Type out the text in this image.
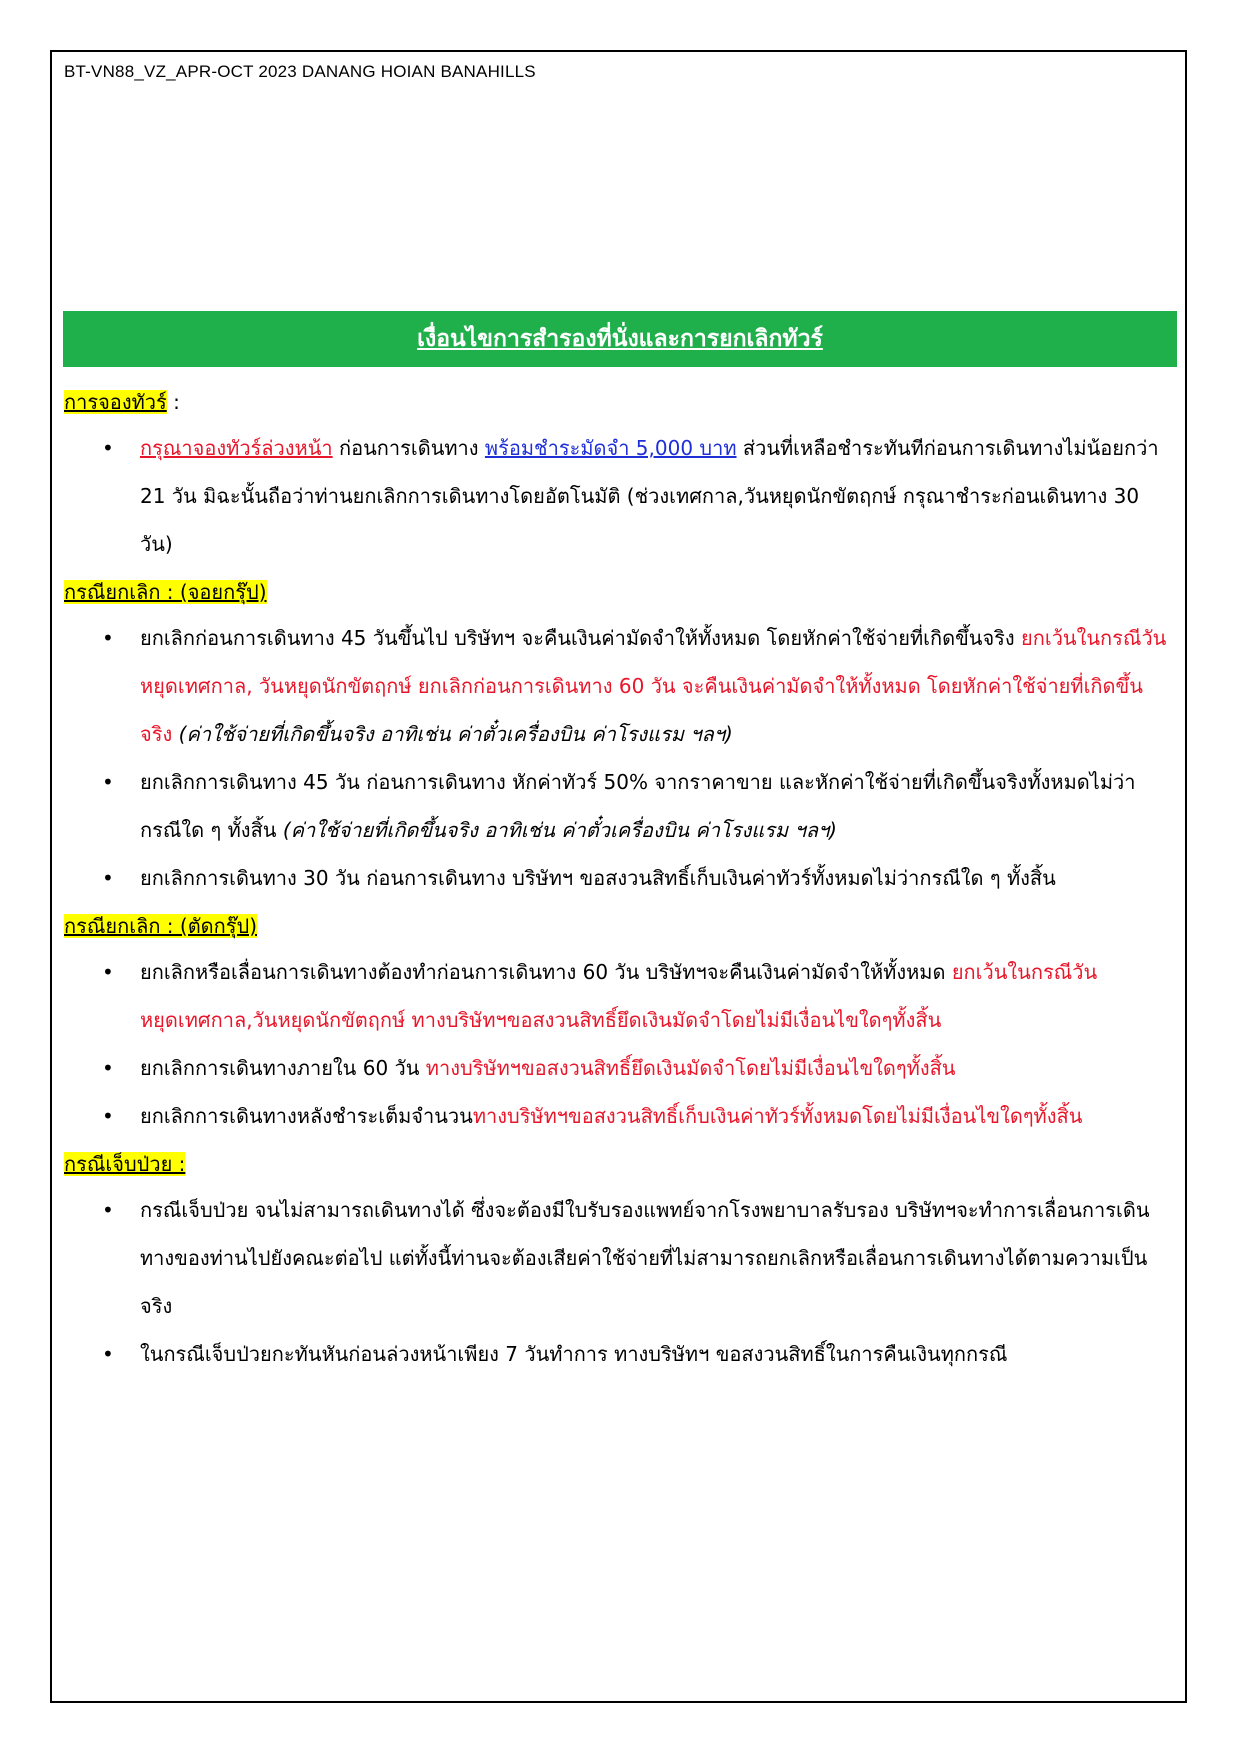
BT-VN88_VZ_APR-OCT 2023 DANANG HOIAN BANAHILLS
เงื่อนไขการสำรองที่นั่งและการยกเลิกทัวร์

การจองทัวร์ :

• กรุณาจองทัวร์ล่วงหน้า ก่อนการเดินทาง พร้อมชำระมัดจำ 5,000 บาท ส่วนที่เหลือชำระทันทีก่อนการเดินทางไม่น้อยกว่า 21 วัน มิฉะนั้นถือว่าท่านยกเลิกการเดินทางโดยอัตโนมัติ (ช่วงเทศกาล,วันหยุดนักขัตฤกษ์ กรุณาชำระก่อนเดินทาง 30 วัน)

กรณียกเลิก : (จอยกรุ๊ป)

• ยกเลิกก่อนการเดินทาง 45 วันขึ้นไป บริษัทฯ จะคืนเงินค่ามัดจำให้ทั้งหมด โดยหักค่าใช้จ่ายที่เกิดขึ้นจริง ยกเว้นในกรณีวันหยุดเทศกาล, วันหยุดนักขัตฤกษ์ ยกเลิกก่อนการเดินทาง 60 วัน จะคืนเงินค่ามัดจำให้ทั้งหมด โดยหักค่าใช้จ่ายที่เกิดขึ้นจริง (ค่าใช้จ่ายที่เกิดขึ้นจริง อาทิเช่น ค่าตั๋วเครื่องบิน ค่าโรงแรม ฯลฯ)
• ยกเลิกการเดินทาง 45 วัน ก่อนการเดินทาง หักค่าทัวร์ 50% จากราคาขาย และหักค่าใช้จ่ายที่เกิดขึ้นจริงทั้งหมดไม่ว่ากรณีใด ๆ ทั้งสิ้น (ค่าใช้จ่ายที่เกิดขึ้นจริง อาทิเช่น ค่าตั๋วเครื่องบิน ค่าโรงแรม ฯลฯ)
• ยกเลิกการเดินทาง 30 วัน ก่อนการเดินทาง บริษัทฯ ขอสงวนสิทธิ์เก็บเงินค่าทัวร์ทั้งหมดไม่ว่ากรณีใด ๆ ทั้งสิ้น

กรณียกเลิก : (ตัดกรุ๊ป)

• ยกเลิกหรือเลื่อนการเดินทางต้องทำก่อนการเดินทาง 60 วัน บริษัทฯจะคืนเงินค่ามัดจำให้ทั้งหมด ยกเว้นในกรณีวันหยุดเทศกาล,วันหยุดนักขัตฤกษ์ ทางบริษัทฯขอสงวนสิทธิ์ยึดเงินมัดจำโดยไม่มีเงื่อนไขใดๆทั้งสิ้น
• ยกเลิกการเดินทางภายใน 60 วัน ทางบริษัทฯขอสงวนสิทธิ์ยึดเงินมัดจำโดยไม่มีเงื่อนไขใดๆทั้งสิ้น
• ยกเลิกการเดินทางหลังชำระเต็มจำนวนทางบริษัทฯขอสงวนสิทธิ์เก็บเงินค่าทัวร์ทั้งหมดโดยไม่มีเงื่อนไขใดๆทั้งสิ้น

กรณีเจ็บป่วย :

• กรณีเจ็บป่วย จนไม่สามารถเดินทางได้ ซึ่งจะต้องมีใบรับรองแพทย์จากโรงพยาบาลรับรอง บริษัทฯจะทำการเลื่อนการเดินทางของท่านไปยังคณะต่อไป แต่ทั้งนี้ท่านจะต้องเสียค่าใช้จ่ายที่ไม่สามารถยกเลิกหรือเลื่อนการเดินทางได้ตามความเป็นจริง
• ในกรณีเจ็บป่วยกะทันหันก่อนล่วงหน้าเพียง 7 วันทำการ ทางบริษัทฯ ขอสงวนสิทธิ์ในการคืนเงินทุกกรณี
